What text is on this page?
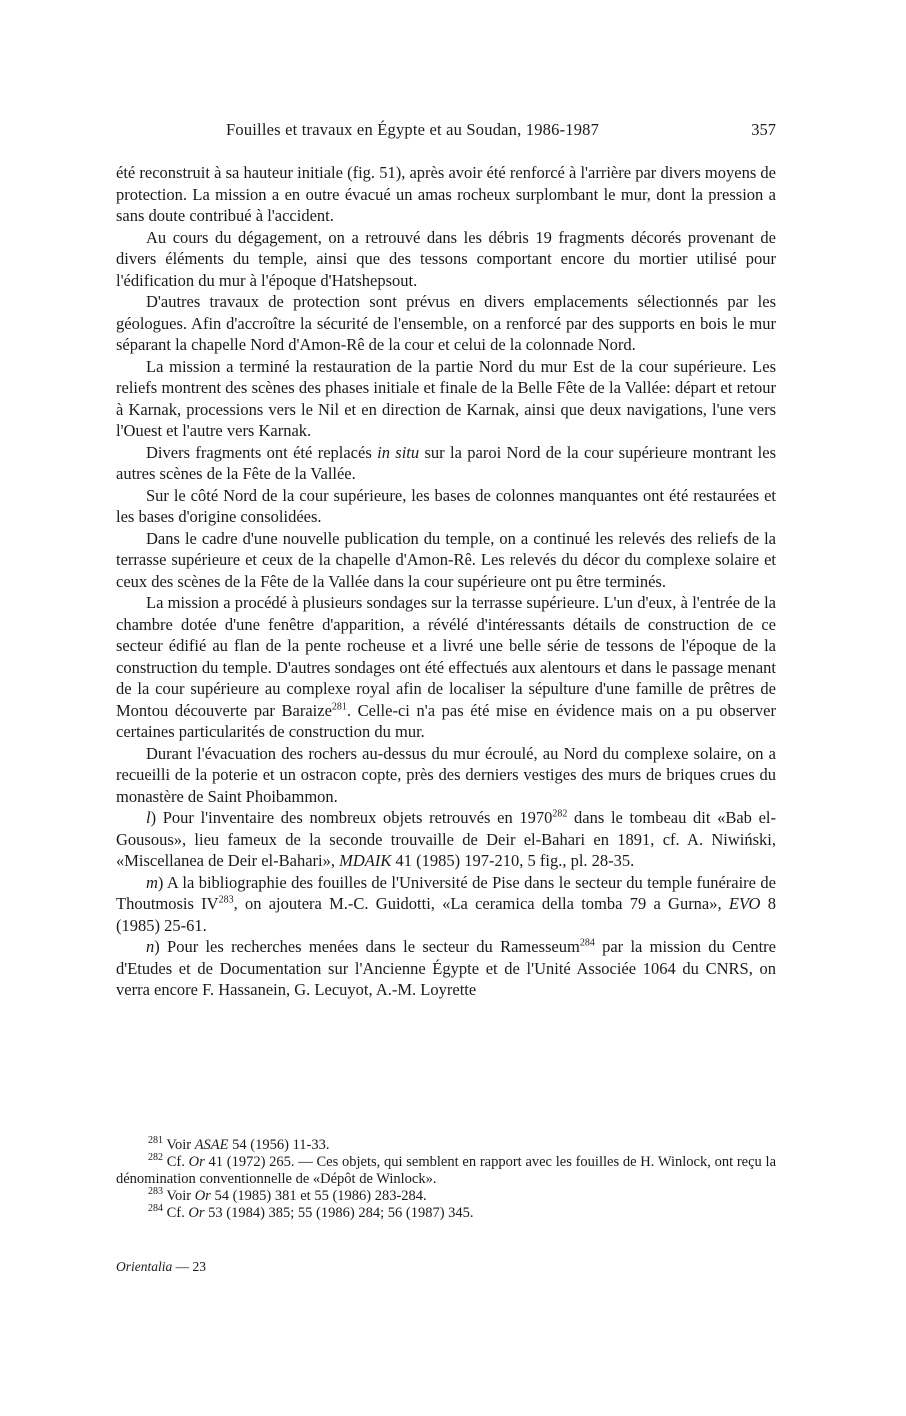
Fouilles et travaux en Égypte et au Soudan, 1986-1987	357

été reconstruit à sa hauteur initiale (fig. 51), après avoir été renforcé à l'arrière par divers moyens de protection. La mission a en outre évacué un amas rocheux surplombant le mur, dont la pression a sans doute contribué à l'accident.

Au cours du dégagement, on a retrouvé dans les débris 19 fragments décorés provenant de divers éléments du temple, ainsi que des tessons comportant encore du mortier utilisé pour l'édification du mur à l'époque d'Hatshepsout.

D'autres travaux de protection sont prévus en divers emplacements sélectionnés par les géologues. Afin d'accroître la sécurité de l'ensemble, on a renforcé par des supports en bois le mur séparant la chapelle Nord d'Amon-Rê de la cour et celui de la colonnade Nord.

La mission a terminé la restauration de la partie Nord du mur Est de la cour supérieure. Les reliefs montrent des scènes des phases initiale et finale de la Belle Fête de la Vallée: départ et retour à Karnak, processions vers le Nil et en direction de Karnak, ainsi que deux navigations, l'une vers l'Ouest et l'autre vers Karnak.

Divers fragments ont été replacés in situ sur la paroi Nord de la cour supérieure montrant les autres scènes de la Fête de la Vallée.

Sur le côté Nord de la cour supérieure, les bases de colonnes manquantes ont été restaurées et les bases d'origine consolidées.

Dans le cadre d'une nouvelle publication du temple, on a continué les relevés des reliefs de la terrasse supérieure et ceux de la chapelle d'Amon-Rê. Les relevés du décor du complexe solaire et ceux des scènes de la Fête de la Vallée dans la cour supérieure ont pu être terminés.

La mission a procédé à plusieurs sondages sur la terrasse supérieure. L'un d'eux, à l'entrée de la chambre dotée d'une fenêtre d'apparition, a révélé d'intéressants détails de construction de ce secteur édifié au flan de la pente rocheuse et a livré une belle série de tessons de l'époque de la construction du temple. D'autres sondages ont été effectués aux alentours et dans le passage menant de la cour supérieure au complexe royal afin de localiser la sépulture d'une famille de prêtres de Montou découverte par Baraize$^{281}$. Celle-ci n'a pas été mise en évidence mais on a pu observer certaines particularités de construction du mur.

Durant l'évacuation des rochers au-dessus du mur écroulé, au Nord du complexe solaire, on a recueilli de la poterie et un ostracon copte, près des derniers vestiges des murs de briques crues du monastère de Saint Phoibammon.

l) Pour l'inventaire des nombreux objets retrouvés en 1970$^{282}$ dans le tombeau dit «Bab el-Gousous», lieu fameux de la seconde trouvaille de Deir el-Bahari en 1891, cf. A. Niwiński, «Miscellanea de Deir el-Bahari», MDAIK 41 (1985) 197-210, 5 fig., pl. 28-35.

m) A la bibliographie des fouilles de l'Université de Pise dans le secteur du temple funéraire de Thoutmosis IV$^{283}$, on ajoutera M.-C. Guidotti, «La ceramica della tomba 79 a Gurna», EVO 8 (1985) 25-61.

n) Pour les recherches menées dans le secteur du Ramesseum$^{284}$ par la mission du Centre d'Etudes et de Documentation sur l'Ancienne Égypte et de l'Unité Associée 1064 du CNRS, on verra encore F. Hassanein, G. Lecuyot, A.-M. Loyrette

$^{281}$ Voir ASAE 54 (1956) 11-33.

$^{282}$ Cf. Or 41 (1972) 265. — Ces objets, qui semblent en rapport avec les fouilles de H. Winlock, ont reçu la dénomination conventionnelle de «Dépôt de Winlock».

$^{283}$ Voir Or 54 (1985) 381 et 55 (1986) 283-284.

$^{284}$ Cf. Or 53 (1984) 385; 55 (1986) 284; 56 (1987) 345.

Orientalia — 23
